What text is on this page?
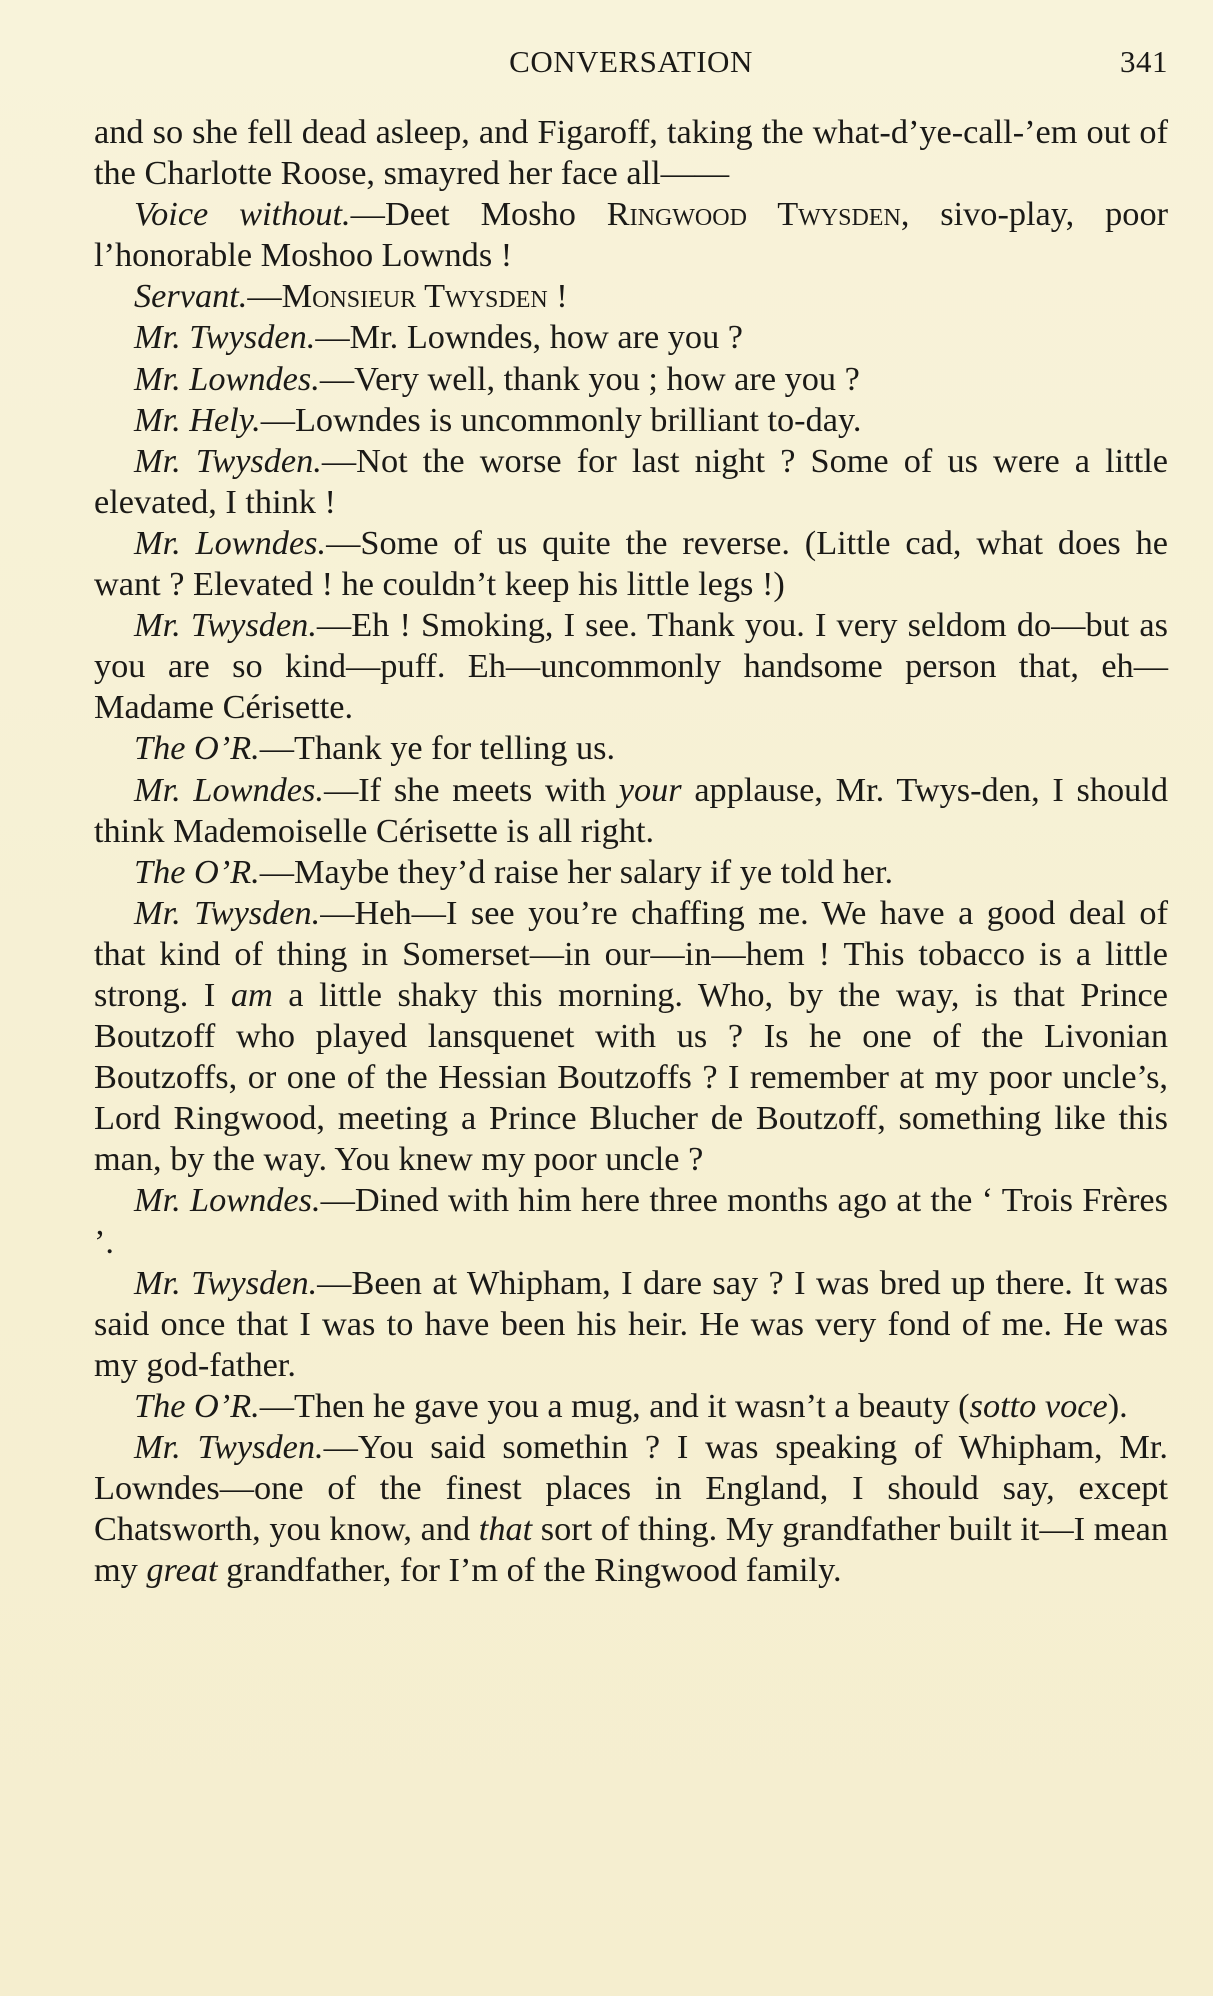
CONVERSATION	341

and so she fell dead asleep, and Figaroff, taking the what-d’ye-call-’em out of the Charlotte Roose, smayred her face all——

Voice without.—Deet Mosho Ringwood Twysden, sivo-play, poor l’honorable Moshoo Lownds !

Servant.—Monsieur Twysden !

Mr. Twysden.—Mr. Lowndes, how are you ?

Mr. Lowndes.—Very well, thank you ; how are you ?

Mr. Hely.—Lowndes is uncommonly brilliant to-day.

Mr. Twysden.—Not the worse for last night ? Some of us were a little elevated, I think !

Mr. Lowndes.—Some of us quite the reverse. (Little cad, what does he want ? Elevated ! he couldn’t keep his little legs !)

Mr. Twysden.—Eh ! Smoking, I see. Thank you. I very seldom do—but as you are so kind—puff. Eh—uncommonly handsome person that, eh—Madame Cérisette.

The O’R.—Thank ye for telling us.

Mr. Lowndes.—If she meets with your applause, Mr. Twys-den, I should think Mademoiselle Cérisette is all right.

The O’R.—Maybe they’d raise her salary if ye told her.

Mr. Twysden.—Heh—I see you’re chaffing me. We have a good deal of that kind of thing in Somerset—in our—in—hem ! This tobacco is a little strong. I am a little shaky this morning. Who, by the way, is that Prince Boutzoff who played lansquenet with us ? Is he one of the Livonian Boutzoffs, or one of the Hessian Boutzoffs ? I remember at my poor uncle’s, Lord Ringwood, meeting a Prince Blucher de Boutzoff, something like this man, by the way. You knew my poor uncle ?

Mr. Lowndes.—Dined with him here three months ago at the ‘ Trois Frères ’.

Mr. Twysden.—Been at Whipham, I dare say ? I was bred up there. It was said once that I was to have been his heir. He was very fond of me. He was my god-father.

The O’R.—Then he gave you a mug, and it wasn’t a beauty (sotto voce).

Mr. Twysden.—You said somethin ? I was speaking of Whipham, Mr. Lowndes—one of the finest places in England, I should say, except Chatsworth, you know, and that sort of thing. My grandfather built it—I mean my great grandfather, for I’m of the Ringwood family.
